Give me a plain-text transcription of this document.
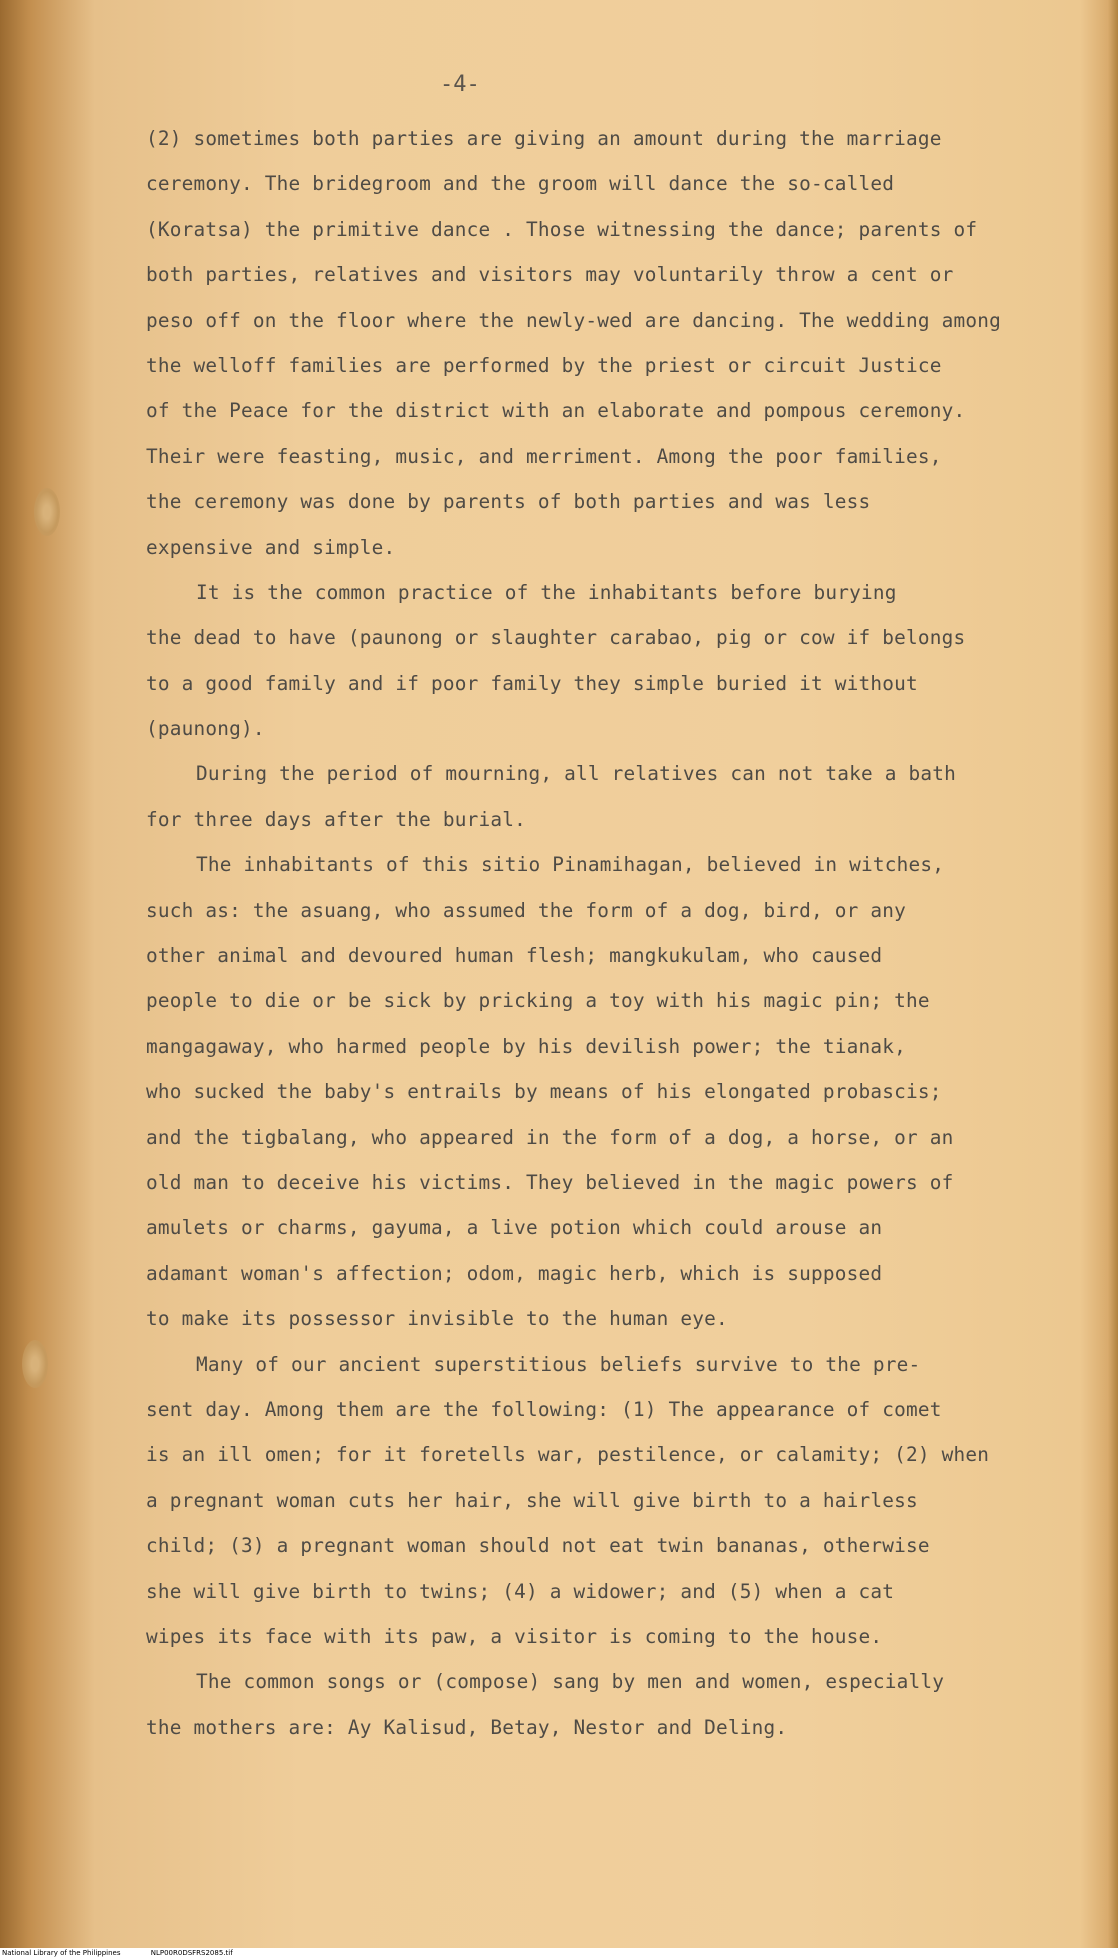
-4-

(2) sometimes both parties are giving an amount during the marriage
ceremony. The bridegroom and the groom will dance the so-called
(Koratsa) the primitive dance . Those witnessing the dance; parents of
both parties, relatives and visitors may voluntarily throw a cent or
peso off on the floor where the newly-wed are dancing. The wedding among
the welloff families are performed by the priest or circuit Justice
of the Peace for the district with an elaborate and pompous ceremony.
Their were feasting, music, and merriment. Among the poor families,
the ceremony was done by parents of both parties and was less
expensive and simple.

It is the common practice of the inhabitants before burying
the dead to have (paunong or slaughter carabao, pig or cow if belongs
to a good family and if poor family they simple buried it without
(paunong).

During the period of mourning, all relatives can not take a bath
for three days after the burial.

The inhabitants of this sitio Pinamihagan, believed in witches,
such as: the asuang, who assumed the form of a dog, bird, or any
other animal and devoured human flesh; mangkukulam, who caused
people to die or be sick by pricking a toy with his magic pin; the
mangagaway, who harmed people by his devilish power; the tianak,
who sucked the baby's entrails by means of his elongated probascis;
and the tigbalang, who appeared in the form of a dog, a horse, or an
old man to deceive his victims. They believed in the magic powers of
amulets or charms, gayuma, a live potion which could arouse an
adamant woman's affection; odom, magic herb, which is supposed
to make its possessor invisible to the human eye.

Many of our ancient superstitious beliefs survive to the pre-
sent day. Among them are the following: (1) The appearance of comet
is an ill omen; for it foretells war, pestilence, or calamity; (2) when
a pregnant woman cuts her hair, she will give birth to a hairless
child; (3) a pregnant woman should not eat twin bananas, otherwise
she will give birth to twins; (4) a widower; and (5) when a cat
wipes its face with its paw, a visitor is coming to the house.

The common songs or (compose) sang by men and women, especially
the mothers are: Ay Kalisud, Betay, Nestor and Deling.

National Library of the Philippines	NLP00R0DSFRS2085.tif
